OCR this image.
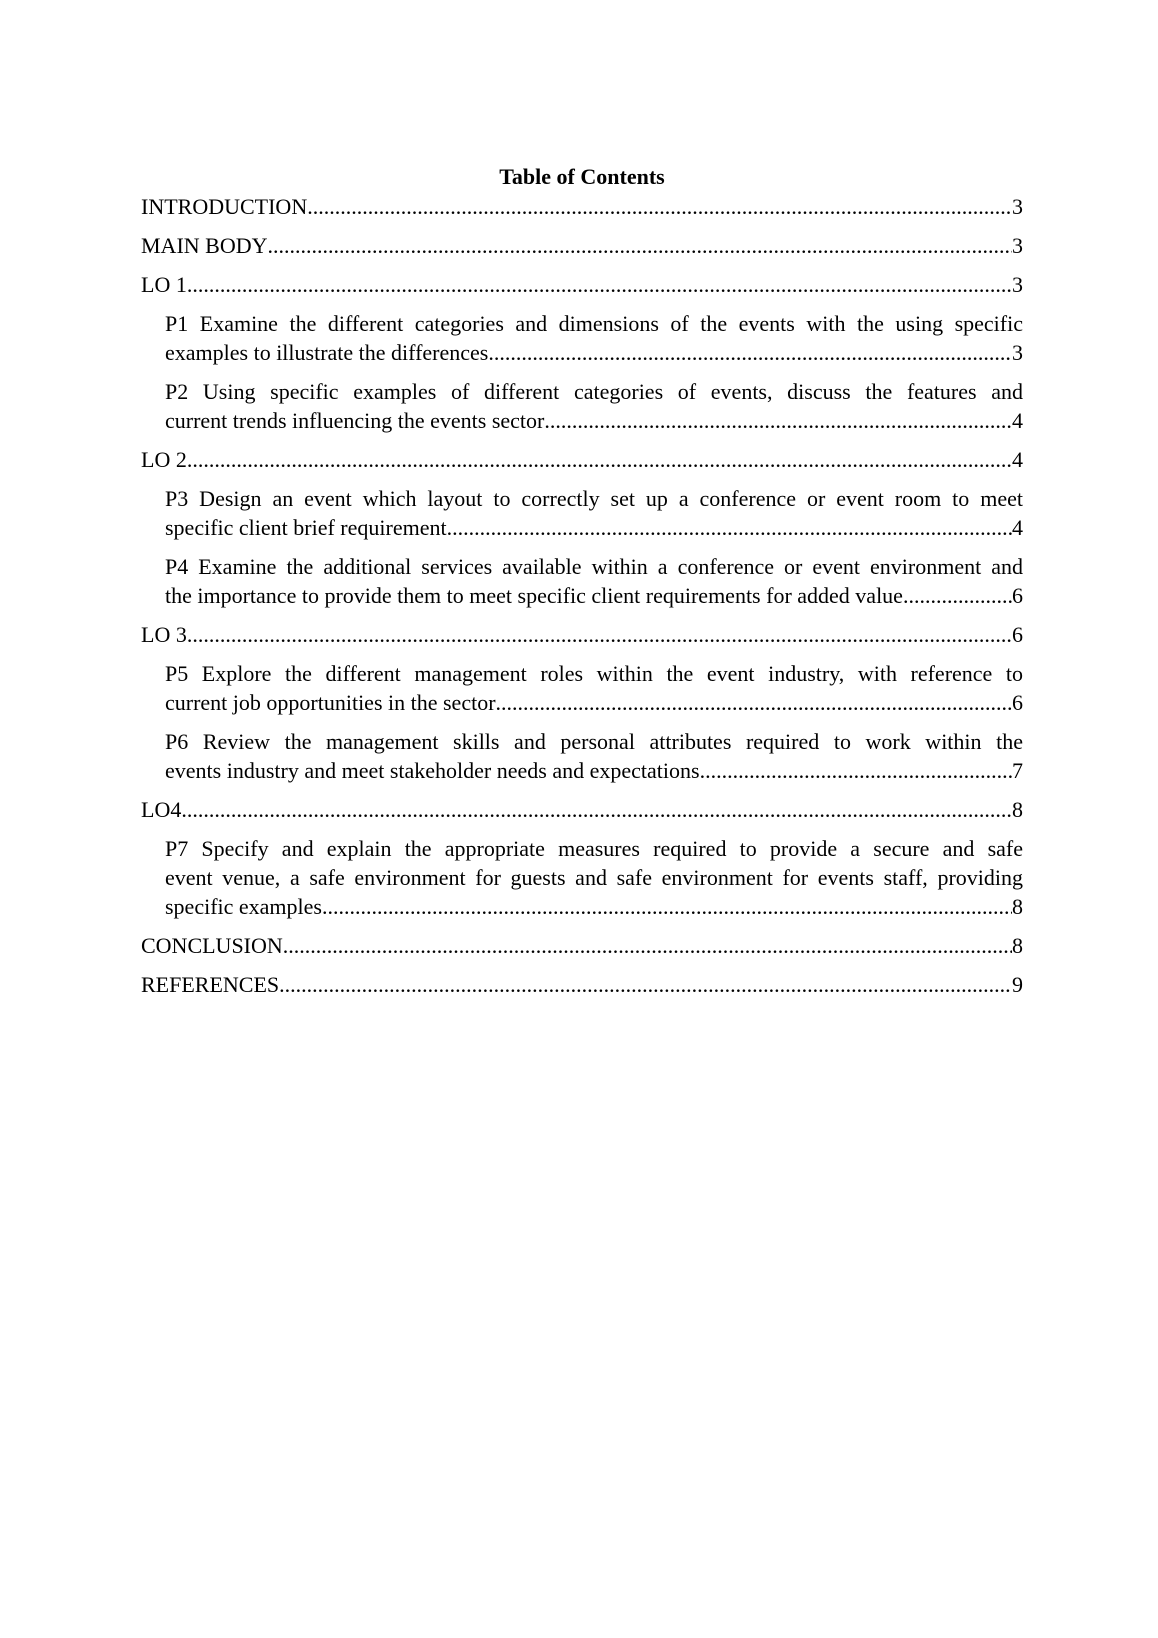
Table of Contents

INTRODUCTION .....	3
MAIN BODY .....	3
LO 1 .....	3
P1 Examine the different categories and dimensions of the events with the using specific
examples to illustrate the differences .....	3
P2 Using specific examples of different categories of events, discuss the features and
current trends influencing the events sector .....	4
LO 2 .....	4
P3 Design an event which layout to correctly set up a conference or event room to meet
specific client brief requirement .....	4
P4 Examine the additional services available within a conference or event environment and
the importance to provide them to meet specific client requirements for added value .....	6
LO 3 .....	6
P5 Explore the different management roles within the event industry, with reference to
current job opportunities in the sector .....	6
P6 Review the management skills and personal attributes required to work within the
events industry and meet stakeholder needs and expectations .....	7
LO4 .....	8
P7 Specify and explain the appropriate measures required to provide a secure and safe
event venue, a safe environment for guests and safe environment for events staff, providing
specific examples .....	8
CONCLUSION .....	8
REFERENCES .....	9
